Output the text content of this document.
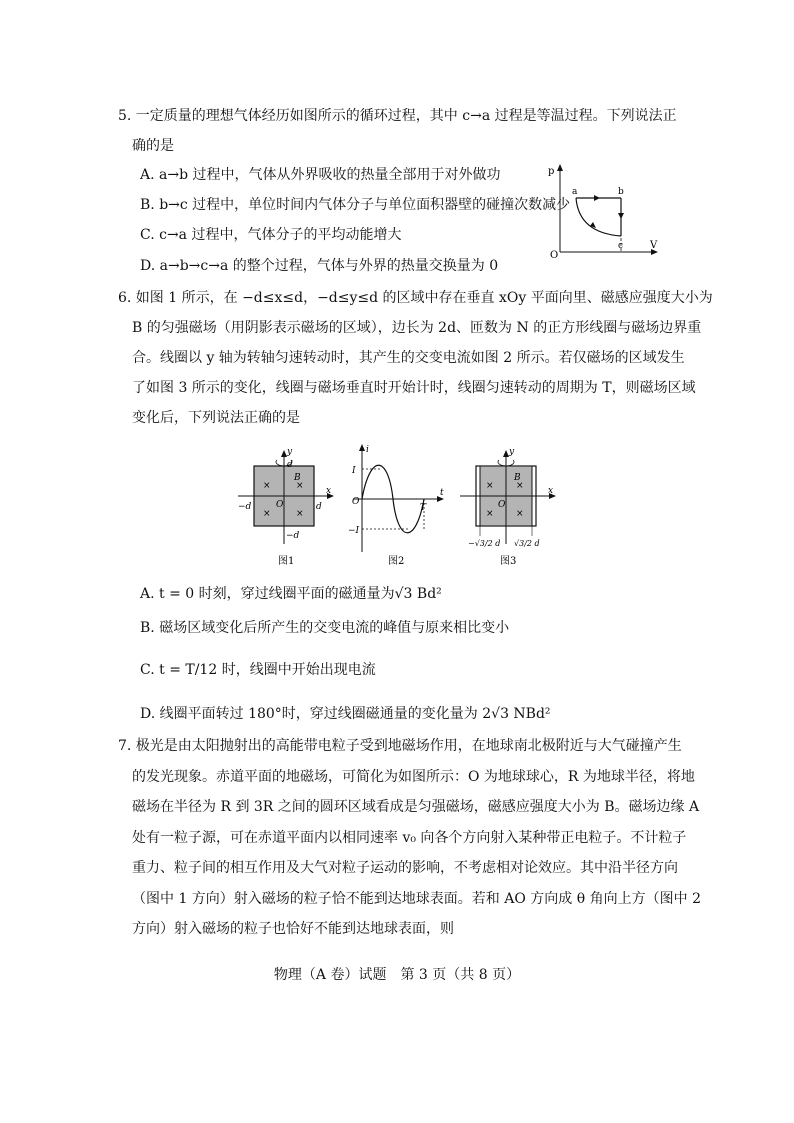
5. 一定质量的理想气体经历如图所示的循环过程，其中 c→a 过程是等温过程。下列说法正
确的是
A. a→b 过程中，气体从外界吸收的热量全部用于对外做功
B. b→c 过程中，单位时间内气体分子与单位面积器壁的碰撞次数减少
C. c→a 过程中，气体分子的平均动能增大
D. a→b→c→a 的整个过程，气体与外界的热量交换量为 0
p
V
O
a	b
c
6. 如图 1 所示，在 −d≤x≤d，−d≤y≤d 的区域中存在垂直 xOy 平面向里、磁感应强度大小为
B 的匀强磁场（用阴影表示磁场的区域），边长为 2d、匝数为 N 的正方形线圈与磁场边界重
合。线圈以 y 轴为转轴匀速转动时，其产生的交变电流如图 2 所示。若仅磁场的区域发生
了如图 3 所示的变化，线圈与磁场垂直时开始计时，线圈匀速转动的周期为 T，则磁场区域
变化后，下列说法正确的是
y
x
d
d
−d
−d
B
O
×	×
×	×
图1
i
I
−I
O
T
t
图2
y
x
B
O
× ×
× ×
−√3/2 d √3/2 d
图3
A. t = 0 时刻，穿过线圈平面的磁通量为√3 Bd²
B. 磁场区域变化后所产生的交变电流的峰值与原来相比变小
C. t = T/12 时，线圈中开始出现电流
D. 线圈平面转过 180°时，穿过线圈磁通量的变化量为 2√3 NBd²
7. 极光是由太阳抛射出的高能带电粒子受到地磁场作用，在地球南北极附近与大气碰撞产生
的发光现象。赤道平面的地磁场，可简化为如图所示：O 为地球球心，R 为地球半径，将地
磁场在半径为 R 到 3R 之间的圆环区域看成是匀强磁场，磁感应强度大小为 B。磁场边缘 A
处有一粒子源，可在赤道平面内以相同速率 v₀ 向各个方向射入某种带正电粒子。不计粒子
重力、粒子间的相互作用及大气对粒子运动的影响，不考虑相对论效应。其中沿半径方向
（图中 1 方向）射入磁场的粒子恰不能到达地球表面。若和 AO 方向成 θ 角向上方（图中 2
方向）射入磁场的粒子也恰好不能到达地球表面，则
物理（A 卷）试题　第 3 页（共 8 页）
